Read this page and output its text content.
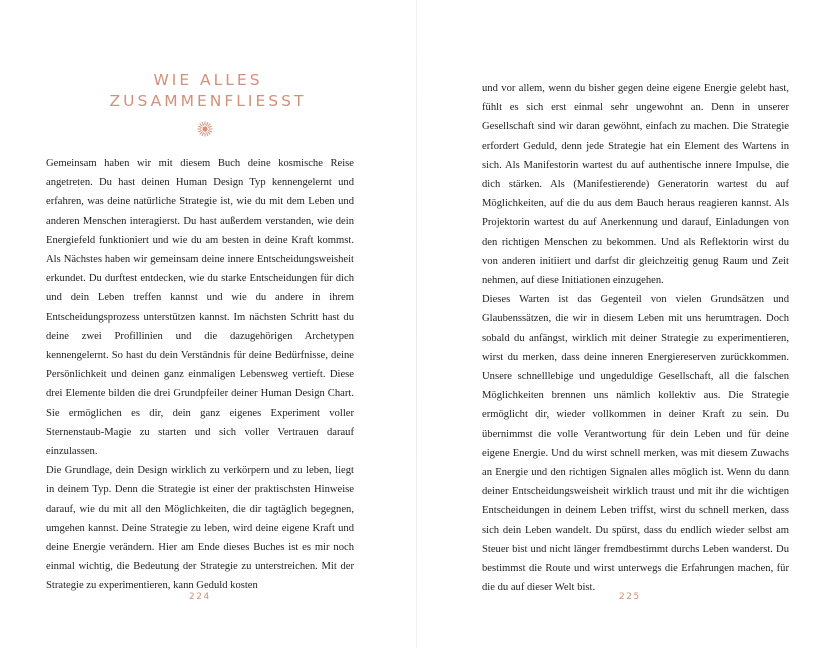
WIE ALLES
ZUSAMMENFLIESST

Gemeinsam haben wir mit diesem Buch deine kosmische Reise angetreten. Du hast deinen Human Design Typ kennengelernt und erfahren, was deine natürliche Strategie ist, wie du mit dem Leben und anderen Menschen interagierst. Du hast außerdem verstanden, wie dein Energiefeld funktioniert und wie du am besten in deine Kraft kommst. Als Nächstes haben wir gemeinsam deine innere Entscheidungsweisheit erkundet. Du durftest entdecken, wie du starke Entscheidungen für dich und dein Leben treffen kannst und wie du andere in ihrem Entscheidungsprozess unterstützen kannst. Im nächsten Schritt hast du deine zwei Profillinien und die dazugehörigen Archetypen kennengelernt. So hast du dein Verständnis für deine Bedürfnisse, deine Persönlichkeit und deinen ganz einmaligen Lebensweg vertieft. Diese drei Elemente bilden die drei Grundpfeiler deiner Human Design Chart. Sie ermöglichen es dir, dein ganz eigenes Experiment voller Sternenstaub-Magie zu starten und sich voller Vertrauen darauf einzulassen.

Die Grundlage, dein Design wirklich zu verkörpern und zu leben, liegt in deinem Typ. Denn die Strategie ist einer der praktischsten Hinweise darauf, wie du mit all den Möglichkeiten, die dir tagtäglich begegnen, umgehen kannst. Deine Strategie zu leben, wird deine eigene Kraft und deine Energie verändern. Hier am Ende dieses Buches ist es mir noch einmal wichtig, die Bedeutung der Strategie zu unterstreichen. Mit der Strategie zu experimentieren, kann Geduld kosten

224

und vor allem, wenn du bisher gegen deine eigene Energie gelebt hast, fühlt es sich erst einmal sehr ungewohnt an. Denn in unserer Gesellschaft sind wir daran gewöhnt, einfach zu machen. Die Strategie erfordert Geduld, denn jede Strategie hat ein Element des Wartens in sich. Als Manifestorin wartest du auf authentische innere Impulse, die dich stärken. Als (Manifestierende) Generatorin wartest du auf Möglichkeiten, auf die du aus dem Bauch heraus reagieren kannst. Als Projektorin wartest du auf Anerkennung und darauf, Einladungen von den richtigen Menschen zu bekommen. Und als Reflektorin wirst du von anderen initiiert und darfst dir gleichzeitig genug Raum und Zeit nehmen, auf diese Initiationen einzugehen.

Dieses Warten ist das Gegenteil von vielen Grundsätzen und Glaubenssätzen, die wir in diesem Leben mit uns herumtragen. Doch sobald du anfängst, wirklich mit deiner Strategie zu experimentieren, wirst du merken, dass deine inneren Energiereserven zurückkommen. Unsere schnelllebige und ungeduldige Gesellschaft, all die falschen Möglichkeiten brennen uns nämlich kollektiv aus. Die Strategie ermöglicht dir, wieder vollkommen in deiner Kraft zu sein. Du übernimmst die volle Verantwortung für dein Leben und für deine eigene Energie. Und du wirst schnell merken, was mit diesem Zuwachs an Energie und den richtigen Signalen alles möglich ist. Wenn du dann deiner Entscheidungsweisheit wirklich traust und mit ihr die wichtigen Entscheidungen in deinem Leben triffst, wirst du schnell merken, dass sich dein Leben wandelt. Du spürst, dass du endlich wieder selbst am Steuer bist und nicht länger fremdbestimmt durchs Leben wanderst. Du bestimmst die Route und wirst unterwegs die Erfahrungen machen, für die du auf dieser Welt bist.

225
